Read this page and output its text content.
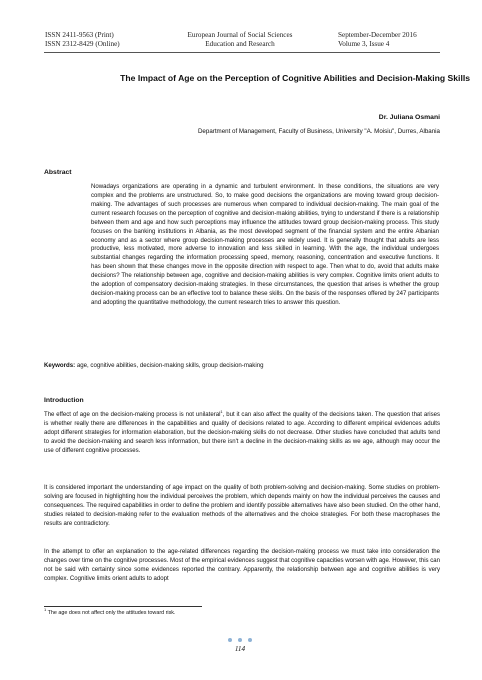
ISSN 2411-9563 (Print)
ISSN 2312-8429 (Online)
European Journal of Social Sciences
Education and Research
September-December 2016
Volume 3, Issue 4
The Impact of Age on the Perception of Cognitive Abilities and Decision-Making Skills
Dr. Juliana Osmani
Department of Management, Faculty of Business, University "A. Moisiu", Durres, Albania
Abstract

Nowadays organizations are operating in a dynamic and turbulent environment. In these conditions, the situations are very complex and the problems are unstructured. So, to make good decisions the organizations are moving toward group decision-making. The advantages of such processes are numerous when compared to individual decision-making. The main goal of the current research focuses on the perception of cognitive and decision-making abilities, trying to understand if there is a relationship between them and age and how such perceptions may influence the attitudes toward group decision-making process. This study focuses on the banking institutions in Albania, as the most developed segment of the financial system and the entire Albanian economy and as a sector where group decision-making processes are widely used. It is generally thought that adults are less productive, less motivated, more adverse to innovation and less skilled in learning. With the age, the individual undergoes substantial changes regarding the information processing speed, memory, reasoning, concentration and executive functions. It has been shown that these changes move in the opposite direction with respect to age. Then what to do, avoid that adults make decisions? The relationship between age, cognitive and decision-making abilities is very complex. Cognitive limits orient adults to the adoption of compensatory decision-making strategies. In these circumstances, the question that arises is whether the group decision-making process can be an effective tool to balance these skills. On the basis of the responses offered by 247 participants and adopting the quantitative methodology, the current research tries to answer this question.

Keywords: age, cognitive abilities, decision-making skills, group decision-making
Introduction

The effect of age on the decision-making process is not unilateral$^1$, but it can also affect the quality of the decisions taken. The question that arises is whether really there are differences in the capabilities and quality of decisions related to age. According to different empirical evidences adults adopt different strategies for information elaboration, but the decision-making skills do not decrease. Other studies have concluded that adults tend to avoid the decision-making and search less information, but there isn't a decline in the decision-making skills as we age, although may occur the use of different cognitive processes.

It is considered important the understanding of age impact on the quality of both problem-solving and decision-making. Some studies on problem-solving are focused in highlighting how the individual perceives the problem, which depends mainly on how the individual perceives the causes and consequences. The required capabilities in order to define the problem and identify possible alternatives have also been studied. On the other hand, studies related to decision-making refer to the evaluation methods of the alternatives and the choice strategies. For both these macrophases the results are contradictory.

In the attempt to offer an explanation to the age-related differences regarding the decision-making process we must take into consideration the changes over time on the cognitive processes. Most of the empirical evidences suggest that cognitive capacities worsen with age. However, this can not be said with certainty since some evidences reported the contrary. Apparently, the relationship between age and cognitive abilities is very complex. Cognitive limits orient adults to adopt

$^1$ The age does not affect only the attitudes toward risk.
114
